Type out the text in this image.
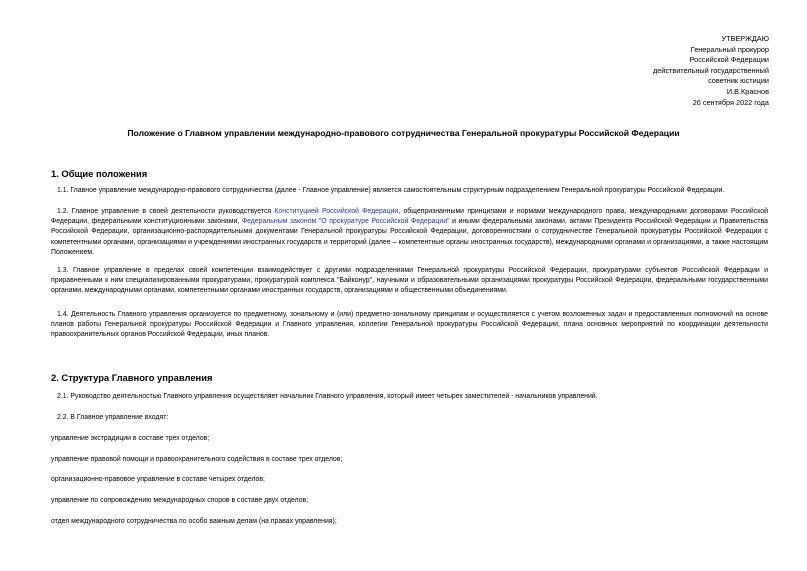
УТВЕРЖДАЮ
Генеральный прокурор
Российской Федерации
действительный государственный
советник юстиции
И.В.Краснов
26 сентября 2022 года
Положение о Главном управлении международно-правового сотрудничества Генеральной прокуратуры Российской Федерации
1. Общие положения
1.1. Главное управление международно-правового сотрудничества (далее - Главное управление) является самостоятельным структурным подразделением Генеральной прокуратуры Российской Федерации.
1.2. Главное управление в своей деятельности руководствуется Конституцией Российской Федерации, общепризнанными принципами и нормами международного права, международными договорами Российской Федерации, федеральными конституционными законами, Федеральным законом "О прокуратуре Российской Федерации" и иными федеральными законами, актами Президента Российской Федерации и Правительства Российской Федерации, организационно-распорядительными документами Генеральной прокуратуры Российской Федерации, договоренностями о сотрудничестве Генеральной прокуратуры Российской Федерации с компетентными органами, организациями и учреждениями иностранных государств и территорий (далее – компетентные органы иностранных государств), международными органами и организациями, а также настоящим Положением.
1.3. Главное управление в пределах своей компетенции взаимодействует с другими подразделениями Генеральной прокуратуры Российской Федерации, прокуратурами субъектов Российской Федерации и приравненными к ним специализированными прокуратурами, прокуратурой комплекса "Байконур", научными и образовательными организациями прокуратуры Российской Федерации, федеральными государственными органами, международными органами, компетентными органами иностранных государств, организациями и общественными объединениями.
1.4. Деятельность Главного управления организуется по предметному, зональному и (или) предметно-зональному принципам и осуществляется с учетом возложенных задач и предоставленных полномочий на основе планов работы Генеральной прокуратуры Российской Федерации и Главного управления, коллегии Генеральной прокуратуры Российской Федерации, плана основных мероприятий по координации деятельности правоохранительных органов Российской Федерации, иных планов.
2. Структура Главного управления
2.1. Руководство деятельностью Главного управления осуществляет начальник Главного управления, который имеет четырех заместителей - начальников управлений.
2.2. В Главное управление входят:
управление экстрадиции в составе трех отделов;
управление правовой помощи и правоохранительного содействия в составе трех отделов;
организационно-правовое управление в составе четырех отделов;
управление по сопровождению международных споров в составе двух отделов;
отдел международного сотрудничества по особо важным делам (на правах управления);
